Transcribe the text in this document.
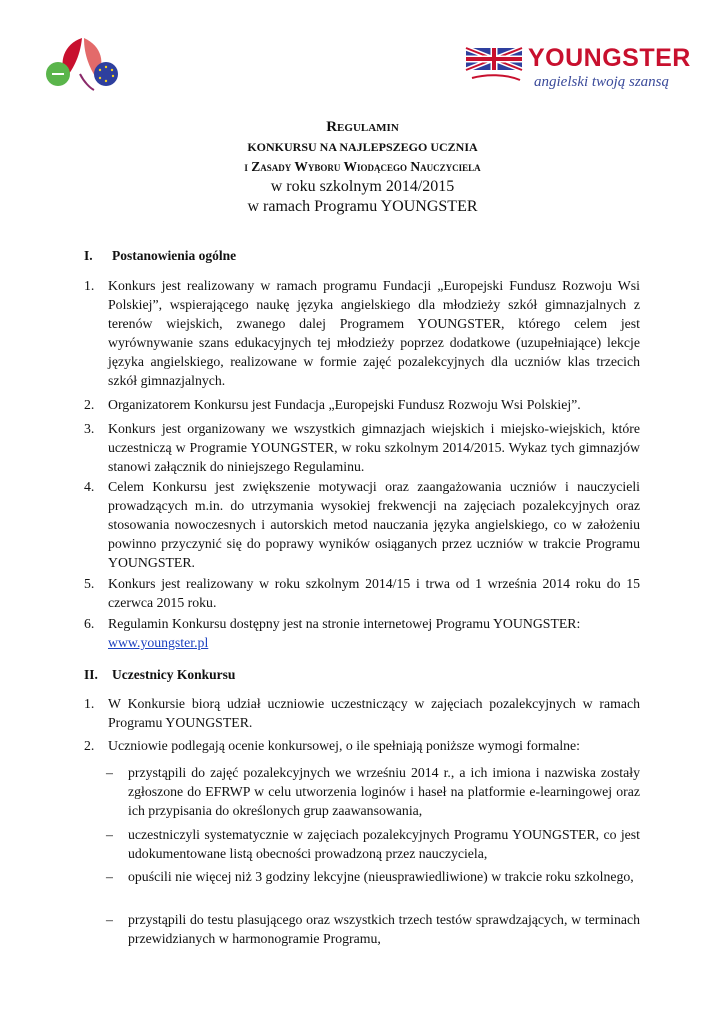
YOUNGSTER
angielski twoją szansą
Regulamin
KONKURSU NA NAJLEPSZEGO UCZNIA
i Zasady Wyboru Wiodącego Nauczyciela
w roku szkolnym 2014/2015
w ramach Programu YOUNGSTER
I. Postanowienia ogólne
1. Konkurs jest realizowany w ramach programu Fundacji „Europejski Fundusz Rozwoju Wsi Polskiej”, wspierającego naukę języka angielskiego dla młodzieży szkół gimnazjalnych z terenów wiejskich, zwanego dalej Programem YOUNGSTER, którego celem jest wyrównywanie szans edukacyjnych tej młodzieży poprzez dodatkowe (uzupełniające) lekcje języka angielskiego, realizowane w formie zajęć pozalekcyjnych dla uczniów klas trzecich szkół gimnazjalnych.
2. Organizatorem Konkursu jest Fundacja „Europejski Fundusz Rozwoju Wsi Polskiej”.
3. Konkurs jest organizowany we wszystkich gimnazjach wiejskich i miejsko-wiejskich, które uczestniczą w Programie YOUNGSTER, w roku szkolnym 2014/2015. Wykaz tych gimnazjów stanowi załącznik do niniejszego Regulaminu.
4. Celem Konkursu jest zwiększenie motywacji oraz zaangażowania uczniów i nauczycieli prowadzących m.in. do utrzymania wysokiej frekwencji na zajęciach pozalekcyjnych oraz stosowania nowoczesnych i autorskich metod nauczania języka angielskiego, co w założeniu powinno przyczynić się do poprawy wyników osiąganych przez uczniów w trakcie Programu YOUNGSTER.
5. Konkurs jest realizowany w roku szkolnym 2014/15 i trwa od 1 września 2014 roku do 15 czerwca 2015 roku.
6. Regulamin Konkursu dostępny jest na stronie internetowej Programu YOUNGSTER:
www.youngster.pl
II. Uczestnicy Konkursu
1. W Konkursie biorą udział uczniowie uczestniczący w zajęciach pozalekcyjnych w ramach Programu YOUNGSTER.
2. Uczniowie podlegają ocenie konkursowej, o ile spełniają poniższe wymogi formalne:
–	przystąpili do zajęć pozalekcyjnych we wrześniu 2014 r., a ich imiona i nazwiska zostały zgłoszone do EFRWP w celu utworzenia loginów i haseł na platformie e-learningowej oraz ich przypisania do określonych grup zaawansowania,
–	uczestniczyli systematycznie w zajęciach pozalekcyjnych Programu YOUNGSTER, co jest udokumentowane listą obecności prowadzoną przez nauczyciela,
–	opuścili nie więcej niż 3 godziny lekcyjne (nieusprawiedliwione) w trakcie roku szkolnego,
–	przystąpili do testu plasującego oraz wszystkich trzech testów sprawdzających, w terminach przewidzianych w harmonogramie Programu,
